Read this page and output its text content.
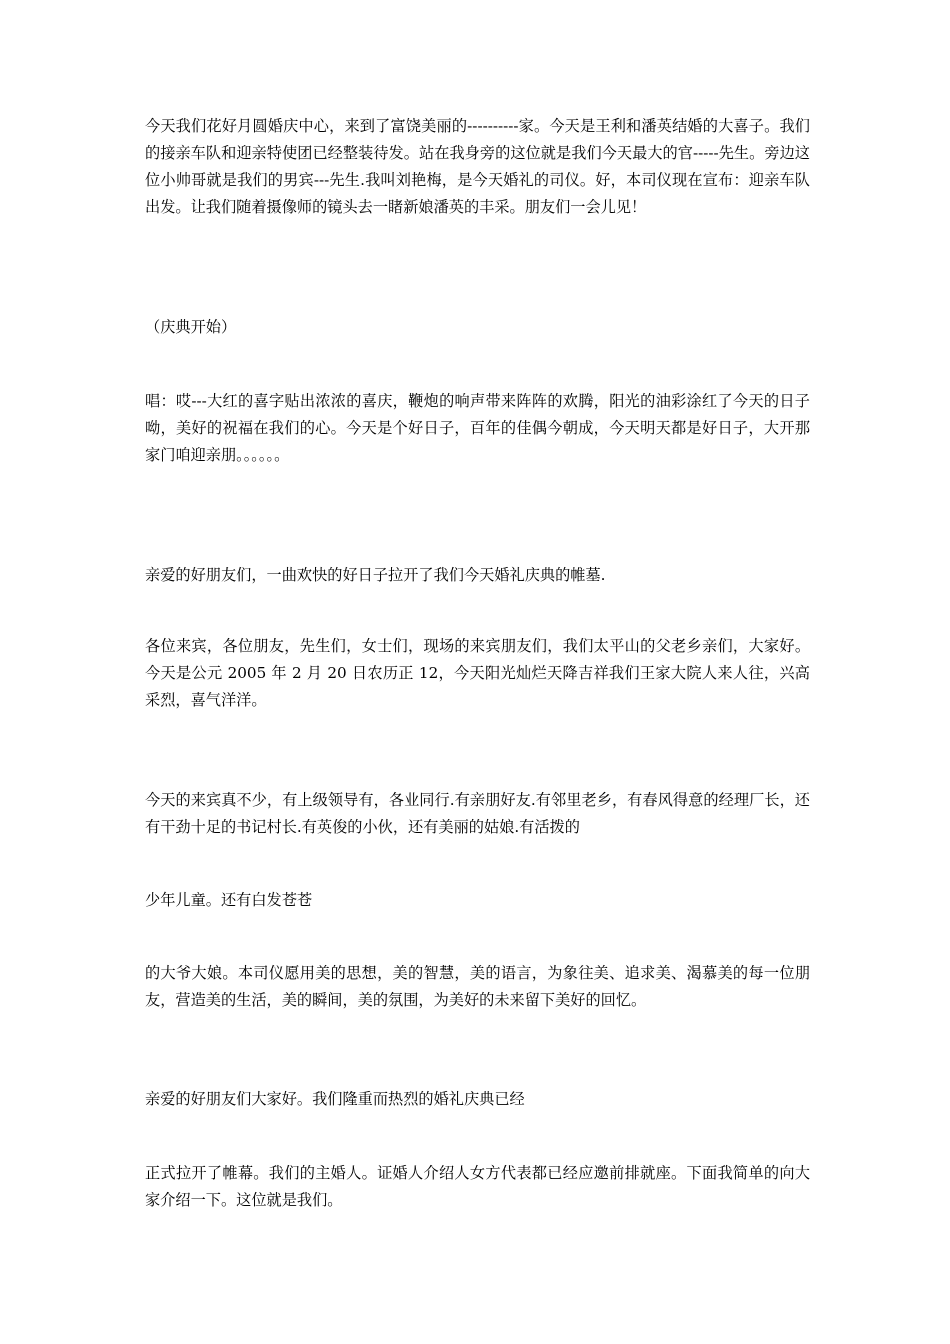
今天我们花好月圆婚庆中心，来到了富饶美丽的----------家。今天是王利和潘英结婚的大喜子。我们的接亲车队和迎亲特使团已经整装待发。站在我身旁的这位就是我们今天最大的官-----先生。旁边这位小帅哥就是我们的男宾---先生.我叫刘艳梅，是今天婚礼的司仪。好，本司仪现在宣布：迎亲车队出发。让我们随着摄像师的镜头去一睹新娘潘英的丰采。朋友们一会儿见！

（庆典开始）

唱：哎---大红的喜字贴出浓浓的喜庆，鞭炮的响声带来阵阵的欢腾，阳光的油彩涂红了今天的日子呦，美好的祝福在我们的心。今天是个好日子，百年的佳偶今朝成，今天明天都是好日子，大开那家门咱迎亲朋。。。。。。

亲爱的好朋友们，一曲欢快的好日子拉开了我们今天婚礼庆典的帷墓.

各位来宾，各位朋友，先生们，女士们，现场的来宾朋友们，我们太平山的父老乡亲们，大家好。今天是公元 2005 年 2 月 20 日农历正 12，今天阳光灿烂天降吉祥我们王家大院人来人往，兴高采烈，喜气洋洋。

今天的来宾真不少，有上级领导有，各业同行.有亲朋好友.有邻里老乡，有春风得意的经理厂长，还有干劲十足的书记村长.有英俊的小伙，还有美丽的姑娘.有活拨的

少年儿童。还有白发苍苍

的大爷大娘。本司仪愿用美的思想，美的智慧，美的语言，为象往美、追求美、渴慕美的每一位朋友，营造美的生活，美的瞬间，美的氛围，为美好的未来留下美好的回忆。

亲爱的好朋友们大家好。我们隆重而热烈的婚礼庆典已经

正式拉开了帷幕。我们的主婚人。证婚人介绍人女方代表都已经应邀前排就座。下面我简单的向大家介绍一下。这位就是我们。
